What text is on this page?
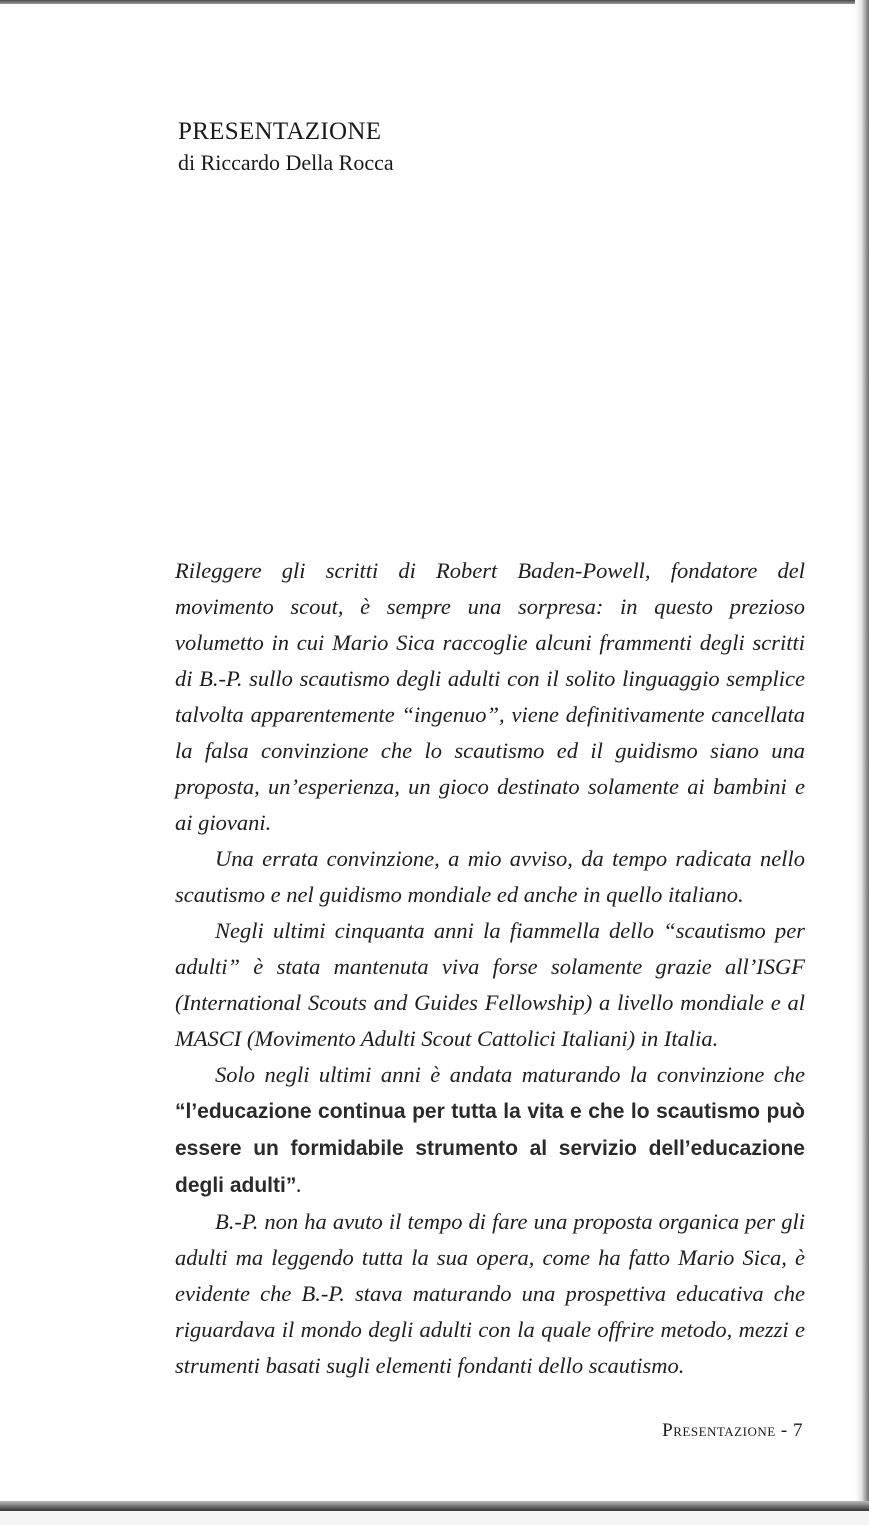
PRESENTAZIONE
di Riccardo Della Rocca

Rileggere gli scritti di Robert Baden-Powell, fondatore del movimento scout, è sempre una sorpresa: in questo prezioso volumetto in cui Mario Sica raccoglie alcuni frammenti degli scritti di B.-P. sullo scautismo degli adulti con il solito linguaggio semplice talvolta apparentemente “ingenuo”, viene definitivamente cancellata la falsa convinzione che lo scautismo ed il guidismo siano una proposta, un’esperienza, un gioco destinato solamente ai bambini e ai giovani.

Una errata convinzione, a mio avviso, da tempo radicata nello scautismo e nel guidismo mondiale ed anche in quello italiano.

Negli ultimi cinquanta anni la fiammella dello “scautismo per adulti” è stata mantenuta viva forse solamente grazie all’ISGF (International Scouts and Guides Fellowship) a livello mondiale e al MASCI (Movimento Adulti Scout Cattolici Italiani) in Italia.

Solo negli ultimi anni è andata maturando la convinzione che “l’educazione continua per tutta la vita e che lo scautismo può essere un formidabile strumento al servizio dell’educazione degli adulti”.

B.-P. non ha avuto il tempo di fare una proposta organica per gli adulti ma leggendo tutta la sua opera, come ha fatto Mario Sica, è evidente che B.-P. stava maturando una prospettiva educativa che riguardava il mondo degli adulti con la quale offrire metodo, mezzi e strumenti basati sugli elementi fondanti dello scautismo.

Presentazione - 7
